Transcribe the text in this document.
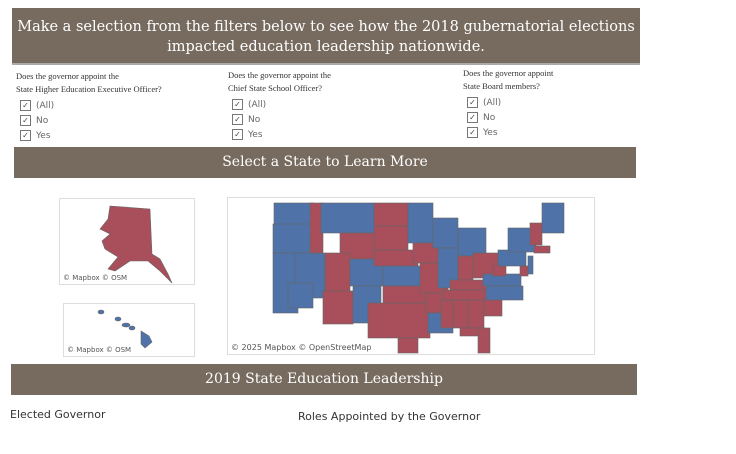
Make a selection from the filters below to see how the 2018 gubernatorial elections impacted education leadership nationwide.
Does the governor appoint the
State Higher Education Executive Officer?
✓ (All)
✓ No
✓ Yes
Does the governor appoint the
Chief State School Officer?
✓ (All)
✓ No
✓ Yes
Does the governor appoint
State Board members?
✓ (All)
✓ No
✓ Yes
Select a State to Learn More
© Mapbox © OSM
© Mapbox © OSM	© 2025 Mapbox © OpenStreetMap
2019 State Education Leadership
Elected Governor	Roles Appointed by the Governor
